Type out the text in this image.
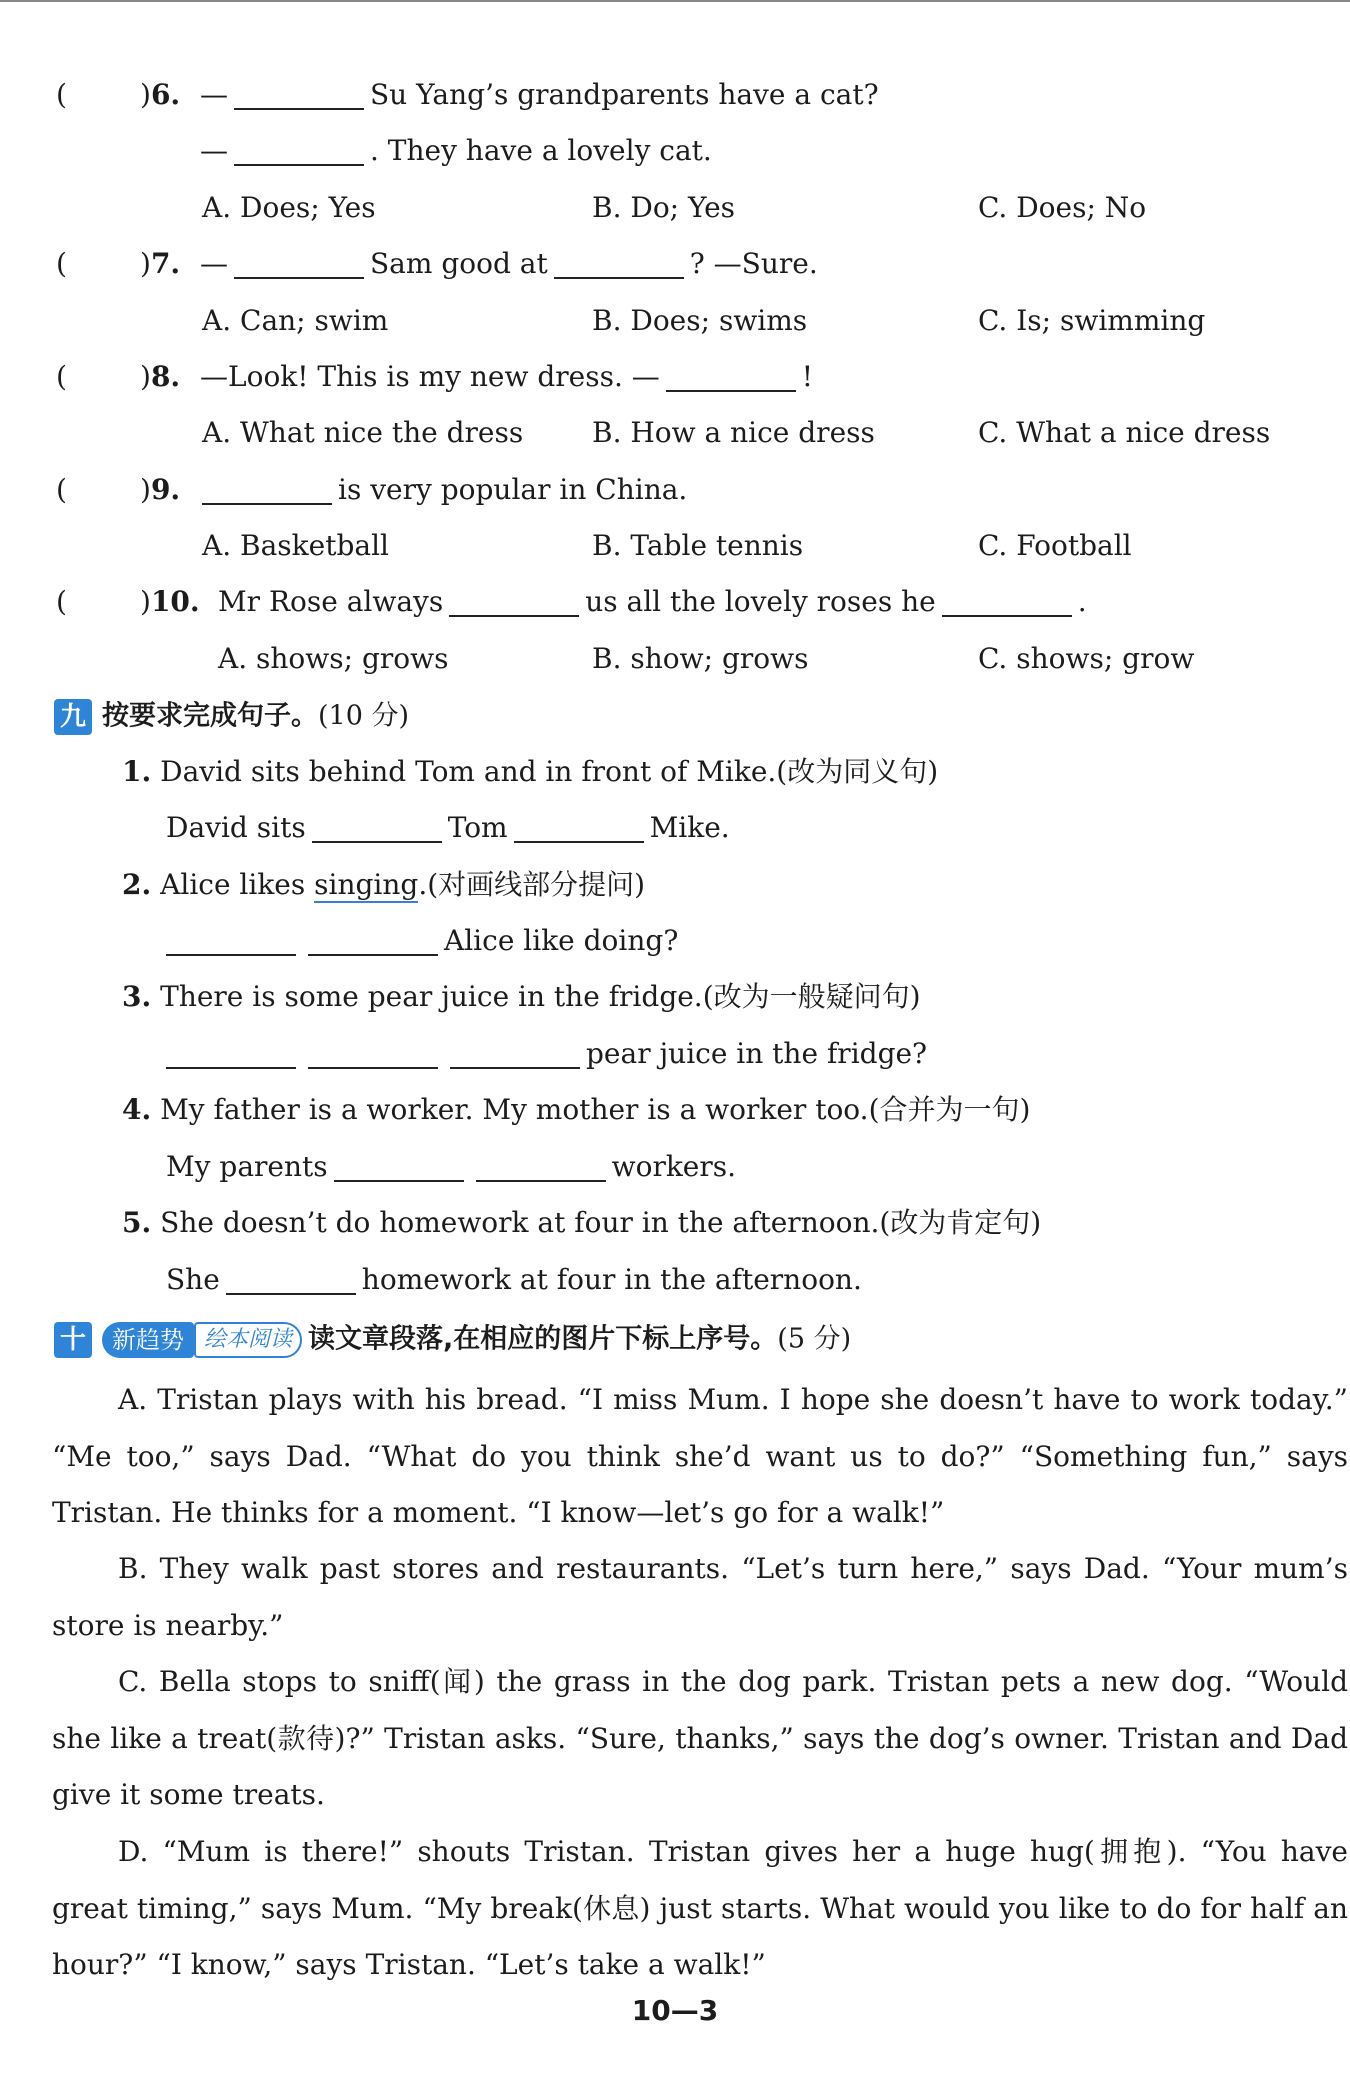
(	)6. —	Su Yang’s grandparents have a cat?
—	. They have a lovely cat.
A. Does; Yes	B. Do; Yes	C. Does; No
(	)7. —	Sam good at	? —Sure.
A. Can; swim	B. Does; swims	C. Is; swimming
(	)8. —Look! This is my new dress. —	!
A. What nice the dress B. How a nice dress	C. What a nice dress
(	)9.	is very popular in China.
A. Basketball	B. Table tennis	C. Football
(	)10. Mr Rose always	us all the lovely roses he	.
A. shows; grows	B. show; grows	C. shows; grow
九 按要求完成句子。(10 分)
1. David sits behind Tom and in front of Mike.(改为同义句)
David sits	Tom	Mike.
2. Alice likes singing.(对画线部分提问)
Alice like doing?
3. There is some pear juice in the fridge.(改为一般疑问句)
pear juice in the fridge?
4. My father is a worker. My mother is a worker too.(合并为一句)
My parents	workers.
5. She doesn’t do homework at four in the afternoon.(改为肯定句)
She	homework at four in the afternoon.
十 新趋势 绘本阅读 读文章段落,在相应的图片下标上序号。(5 分)
A. Tristan plays with his bread. “I miss Mum. I hope she doesn’t have to work today.” “Me too,” says Dad. “What do you think she’d want us to do?” “Something fun,” says Tristan. He thinks for a moment. “I know—let’s go for a walk!”
B. They walk past stores and restaurants. “Let’s turn here,” says Dad. “Your mum’s store is nearby.”
C. Bella stops to sniff(闻) the grass in the dog park. Tristan pets a new dog. “Would she like a treat(款待)?” Tristan asks. “Sure, thanks,” says the dog’s owner. Tristan and Dad give it some treats.
D. “Mum is there!” shouts Tristan. Tristan gives her a huge hug(拥抱). “You have great timing,” says Mum. “My break(休息) just starts. What would you like to do for half an hour?” “I know,” says Tristan. “Let’s take a walk!”
10—3
